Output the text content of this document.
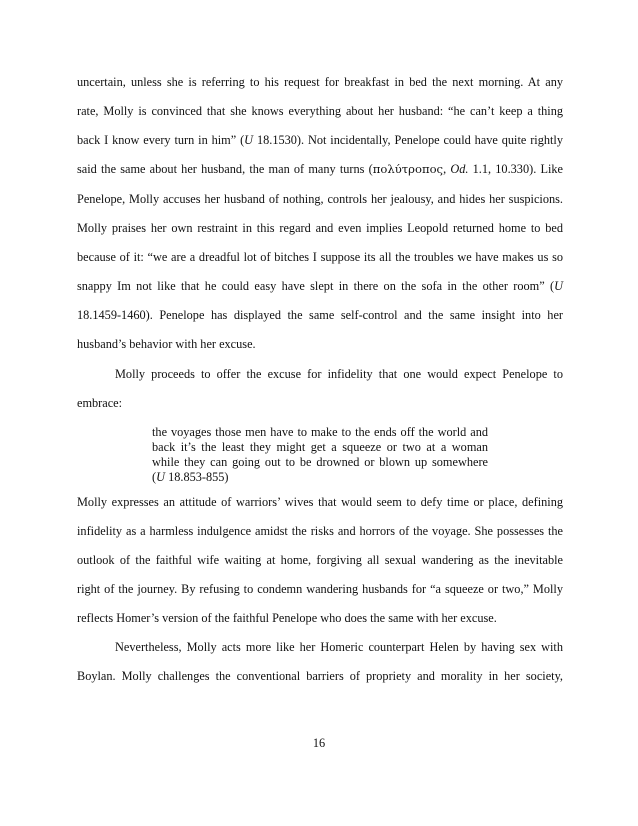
uncertain, unless she is referring to his request for breakfast in bed the next morning. At any
rate, Molly is convinced that she knows everything about her husband: “he can’t keep a thing
back I know every turn in him” (U 18.1530). Not incidentally, Penelope could have quite rightly
said the same about her husband, the man of many turns (πολύτροπος, Od. 1.1, 10.330). Like
Penelope, Molly accuses her husband of nothing, controls her jealousy, and hides her suspicions.
Molly praises her own restraint in this regard and even implies Leopold returned home to bed
because of it: “we are a dreadful lot of bitches I suppose its all the troubles we have makes us so
snappy Im not like that he could easy have slept in there on the sofa in the other room” (U
18.1459-1460). Penelope has displayed the same self-control and the same insight into her
husband’s behavior with her excuse.
Molly proceeds to offer the excuse for infidelity that one would expect Penelope to
embrace:
the voyages those men have to make to the ends off the world and
back it’s the least they might get a squeeze or two at a woman
while they can going out to be drowned or blown up somewhere
(U 18.853-855)
Molly expresses an attitude of warriors’ wives that would seem to defy time or place, defining
infidelity as a harmless indulgence amidst the risks and horrors of the voyage. She possesses the
outlook of the faithful wife waiting at home, forgiving all sexual wandering as the inevitable
right of the journey. By refusing to condemn wandering husbands for “a squeeze or two,” Molly
reflects Homer’s version of the faithful Penelope who does the same with her excuse.
Nevertheless, Molly acts more like her Homeric counterpart Helen by having sex with
Boylan. Molly challenges the conventional barriers of propriety and morality in her society,
16
